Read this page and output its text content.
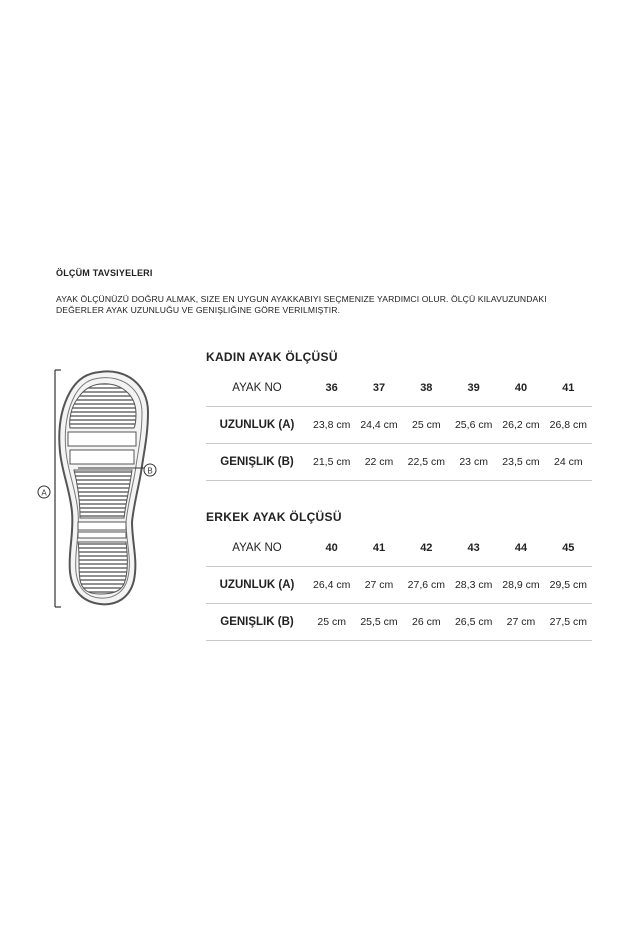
ÖLÇÜM TAVSIYELERI
AYAK ÖLÇÜNÜZÜ DOĞRU ALMAK, SIZE EN UYGUN AYAKKABIYI SEÇMENIZE YARDIMCI OLUR. ÖLÇÜ KILAVUZUNDAKI
DEĞERLER AYAK UZUNLUĞU VE GENIŞLIĞINE GÖRE VERILMIŞTIR.
A
B
KADIN AYAK ÖLÇÜSÜ
AYAK NO	36	37	38	39	40	41
UZUNLUK (A)	23,8 cm	24,4 cm	25 cm	25,6 cm	26,2 cm	26,8 cm
GENIŞLIK (B)	21,5 cm	22 cm	22,5 cm	23 cm	23,5 cm	24 cm
ERKEK AYAK ÖLÇÜSÜ
AYAK NO	40	41	42	43	44	45
UZUNLUK (A)	26,4 cm	27 cm	27,6 cm	28,3 cm	28,9 cm	29,5 cm
GENIŞLIK (B)	25 cm	25,5 cm	26 cm	26,5 cm	27 cm	27,5 cm
